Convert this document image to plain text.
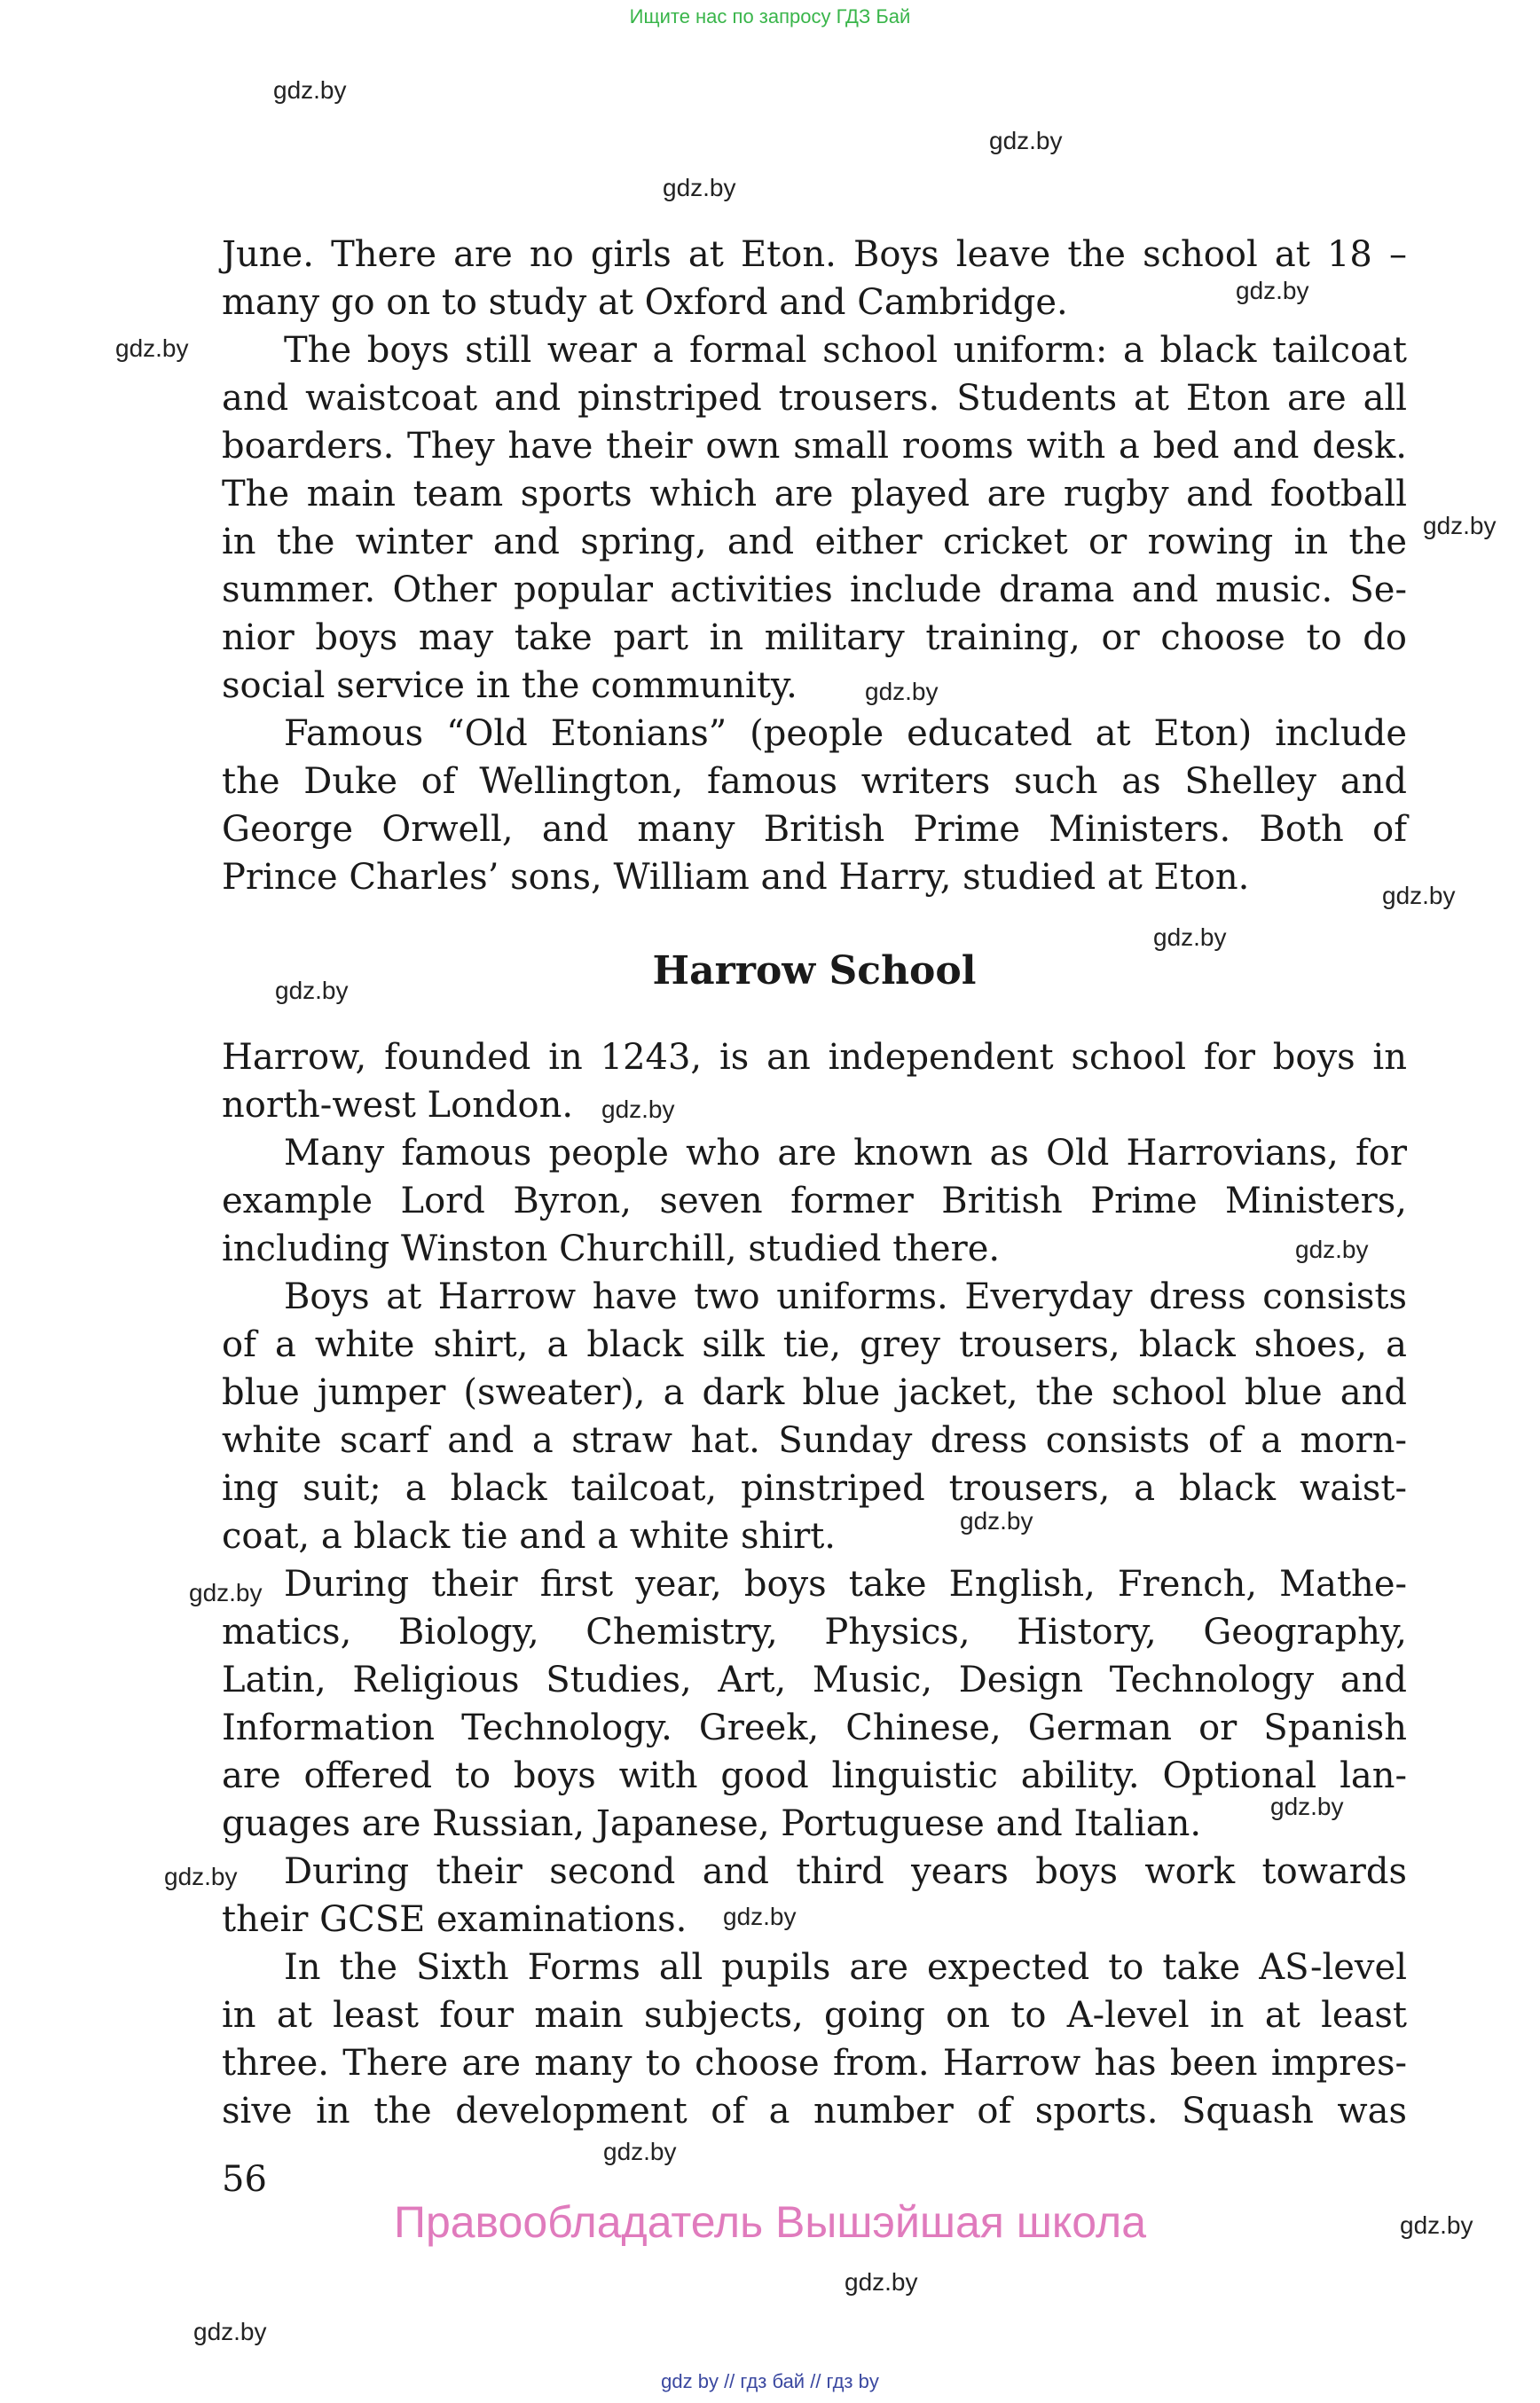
Ищите нас по запросу ГДЗ Бай
gdz.by
gdz.by
gdz.by
gdz.by
gdz.by
gdz.by
gdz.by
gdz.by
gdz.by
gdz.by
gdz.by
gdz.by
gdz.by
gdz.by
gdz.by
gdz.by
gdz.by
gdz.by
gdz.by
gdz.by
gdz.by
June. There are no girls at Eton. Boys leave the school at 18 –
many go on to study at Oxford and Cambridge.
The boys still wear a formal school uniform: a black tailcoat
and waistcoat and pinstriped trousers. Students at Eton are all
boarders. They have their own small rooms with a bed and desk.
The main team sports which are played are rugby and football
in the winter and spring, and either cricket or rowing in the
summer. Other popular activities include drama and music. Se-
nior boys may take part in military training, or choose to do
social service in the community.
Famous “Old Etonians” (people educated at Eton) include
the Duke of Wellington, famous writers such as Shelley and
George Orwell, and many British Prime Ministers. Both of
Prince Charles’ sons, William and Harry, studied at Eton.
Harrow School
Harrow, founded in 1243, is an independent school for boys in
north-west London.
Many famous people who are known as Old Harrovians, for
example Lord Byron, seven former British Prime Ministers,
including Winston Churchill, studied there.
Boys at Harrow have two uniforms. Everyday dress consists
of a white shirt, a black silk tie, grey trousers, black shoes, a
blue jumper (sweater), a dark blue jacket, the school blue and
white scarf and a straw hat. Sunday dress consists of a morn-
ing suit; a black tailcoat, pinstriped trousers, a black waist-
coat, a black tie and a white shirt.
During their first year, boys take English, French, Mathe-
matics, Biology, Chemistry, Physics, History, Geography,
Latin, Religious Studies, Art, Music, Design Technology and
Information Technology. Greek, Chinese, German or Spanish
are offered to boys with good linguistic ability. Optional lan-
guages are Russian, Japanese, Portuguese and Italian.
During their second and third years boys work towards
their GCSE examinations.
In the Sixth Forms all pupils are expected to take AS-level
in at least four main subjects, going on to A-level in at least
three. There are many to choose from. Harrow has been impres-
sive in the development of a number of sports. Squash was
56
Правообладатель Вышэйшая школа
gdz by // гдз бай // гдз by
